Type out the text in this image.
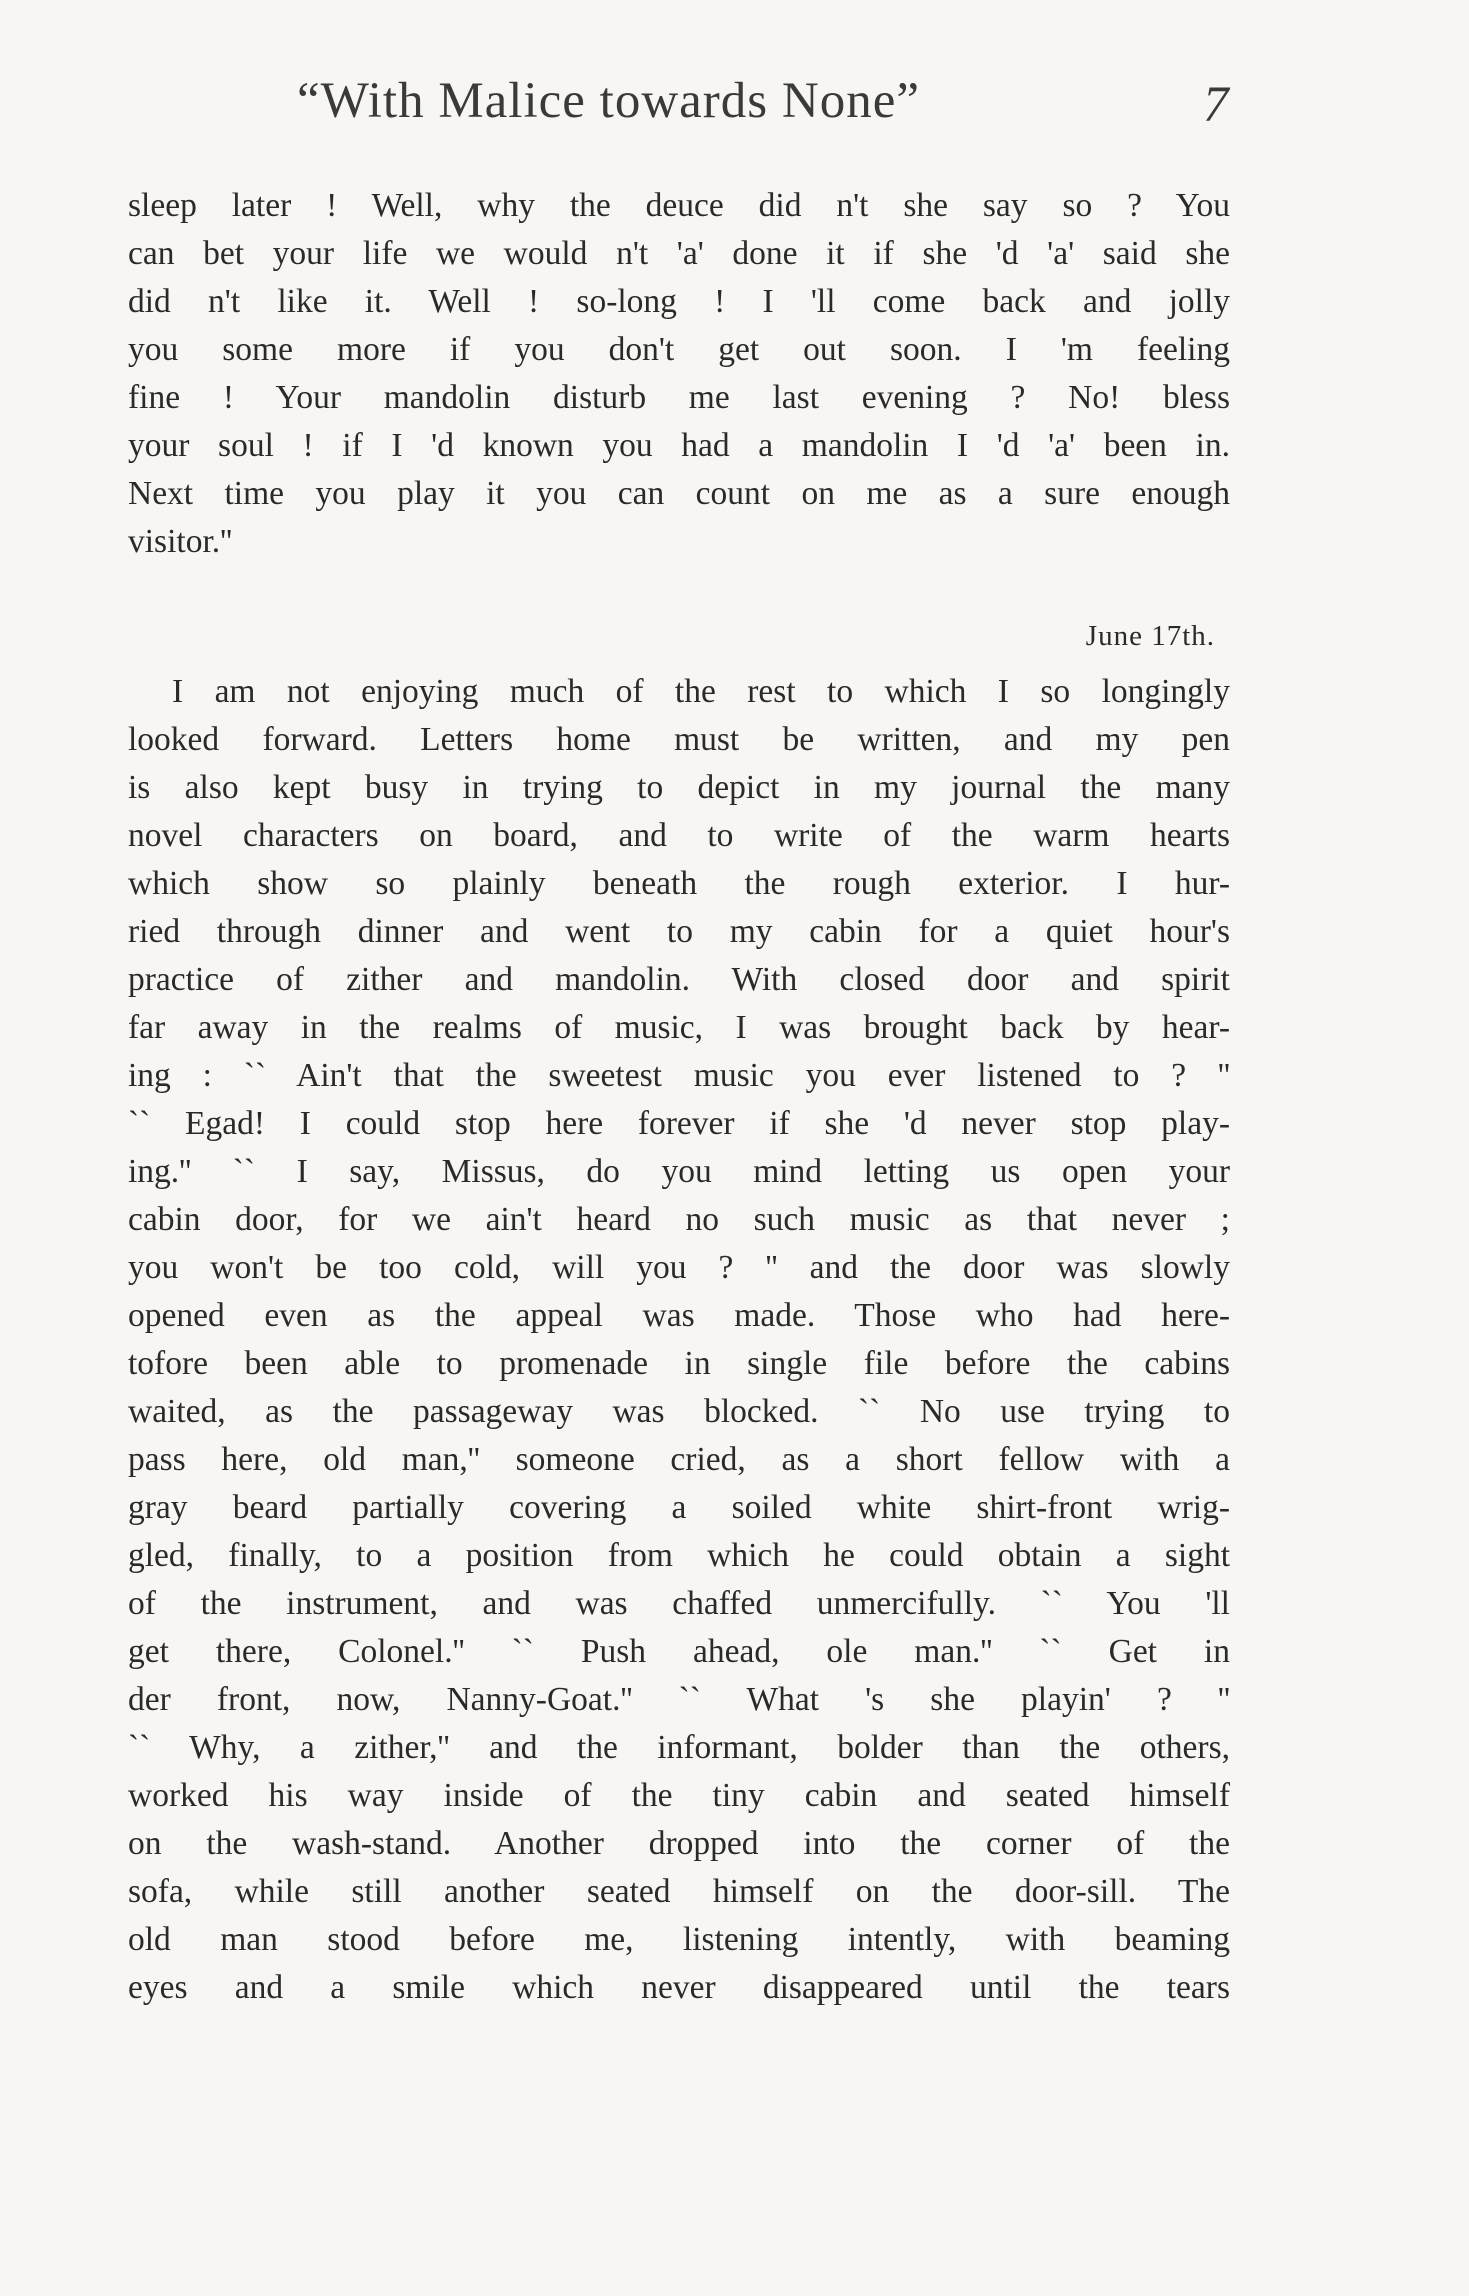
“With Malice towards None”	7
sleep later ! Well, why the deuce did n't she say so ? You
can bet your life we would n't 'a' done it if she 'd 'a' said she
did n't like it. Well ! so-long ! I 'll come back and jolly
you some more if you don't get out soon. I 'm feeling
fine ! Your mandolin disturb me last evening ? No! bless
your soul ! if I 'd known you had a mandolin I 'd 'a' been in.
Next time you play it you can count on me as a sure enough
visitor.''
June 17th.
I am not enjoying much of the rest to which I so longingly
looked forward. Letters home must be written, and my pen
is also kept busy in trying to depict in my journal the many
novel characters on board, and to write of the warm hearts
which show so plainly beneath the rough exterior. I hur-
ried through dinner and went to my cabin for a quiet hour's
practice of zither and mandolin. With closed door and spirit
far away in the realms of music, I was brought back by hear-
ing : `` Ain't that the sweetest music you ever listened to ? ''
`` Egad! I could stop here forever if she 'd never stop play-
ing.'' `` I say, Missus, do you mind letting us open your
cabin door, for we ain't heard no such music as that never ;
you won't be too cold, will you ? '' and the door was slowly
opened even as the appeal was made. Those who had here-
tofore been able to promenade in single file before the cabins
waited, as the passageway was blocked. `` No use trying to
pass here, old man,'' someone cried, as a short fellow with a
gray beard partially covering a soiled white shirt-front wrig-
gled, finally, to a position from which he could obtain a sight
of the instrument, and was chaffed unmercifully. `` You 'll
get there, Colonel.'' `` Push ahead, ole man.'' `` Get in
der front, now, Nanny-Goat.'' `` What 's she playin' ? ''
`` Why, a zither,'' and the informant, bolder than the others,
worked his way inside of the tiny cabin and seated himself
on the wash-stand. Another dropped into the corner of the
sofa, while still another seated himself on the door-sill. The
old man stood before me, listening intently, with beaming
eyes and a smile which never disappeared until the tears
